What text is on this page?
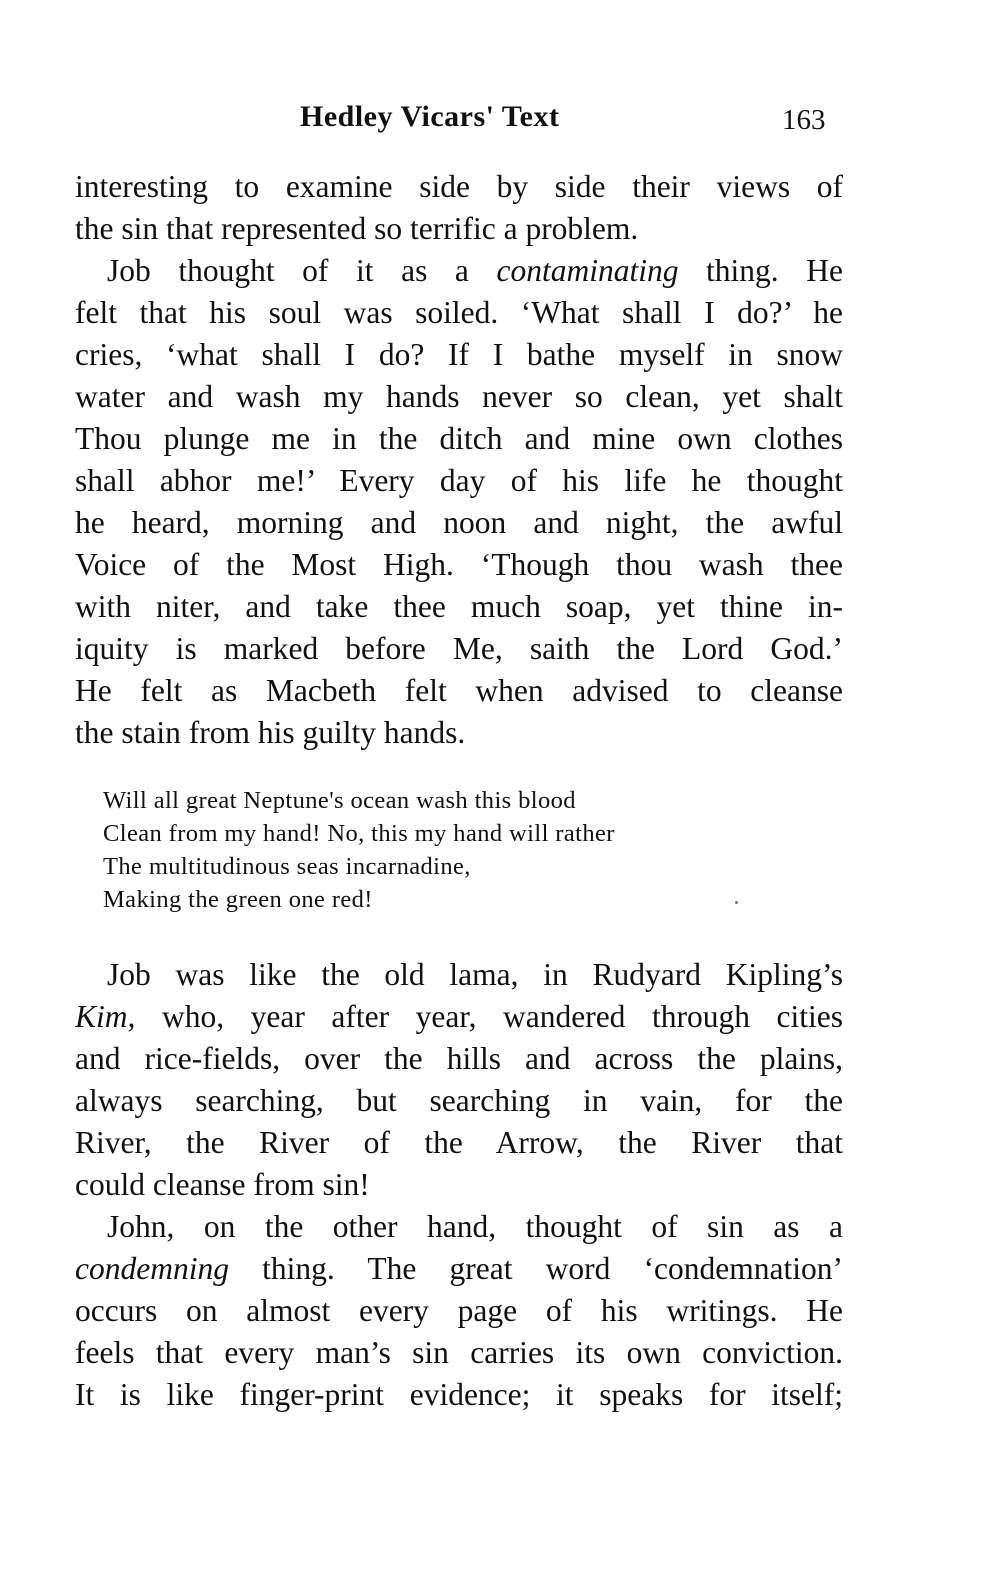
Hedley Vicars' Text	163
interesting to examine side by side their views of
the sin that represented so terrific a problem.
Job thought of it as a contaminating thing. He
felt that his soul was soiled. ‘What shall I do?’ he
cries, ‘what shall I do? If I bathe myself in snow
water and wash my hands never so clean, yet shalt
Thou plunge me in the ditch and mine own clothes
shall abhor me!’ Every day of his life he thought
he heard, morning and noon and night, the awful
Voice of the Most High. ‘Though thou wash thee
with niter, and take thee much soap, yet thine in-
iquity is marked before Me, saith the Lord God.’
He felt as Macbeth felt when advised to cleanse
the stain from his guilty hands.
Will all great Neptune's ocean wash this blood
Clean from my hand! No, this my hand will rather
The multitudinous seas incarnadine,
Making the green one red!
Job was like the old lama, in Rudyard Kipling’s
Kim, who, year after year, wandered through cities
and rice-fields, over the hills and across the plains,
always searching, but searching in vain, for the
River, the River of the Arrow, the River that
could cleanse from sin!
John, on the other hand, thought of sin as a
condemning thing. The great word ‘condemnation’
occurs on almost every page of his writings. He
feels that every man’s sin carries its own conviction.
It is like finger-print evidence; it speaks for itself;
